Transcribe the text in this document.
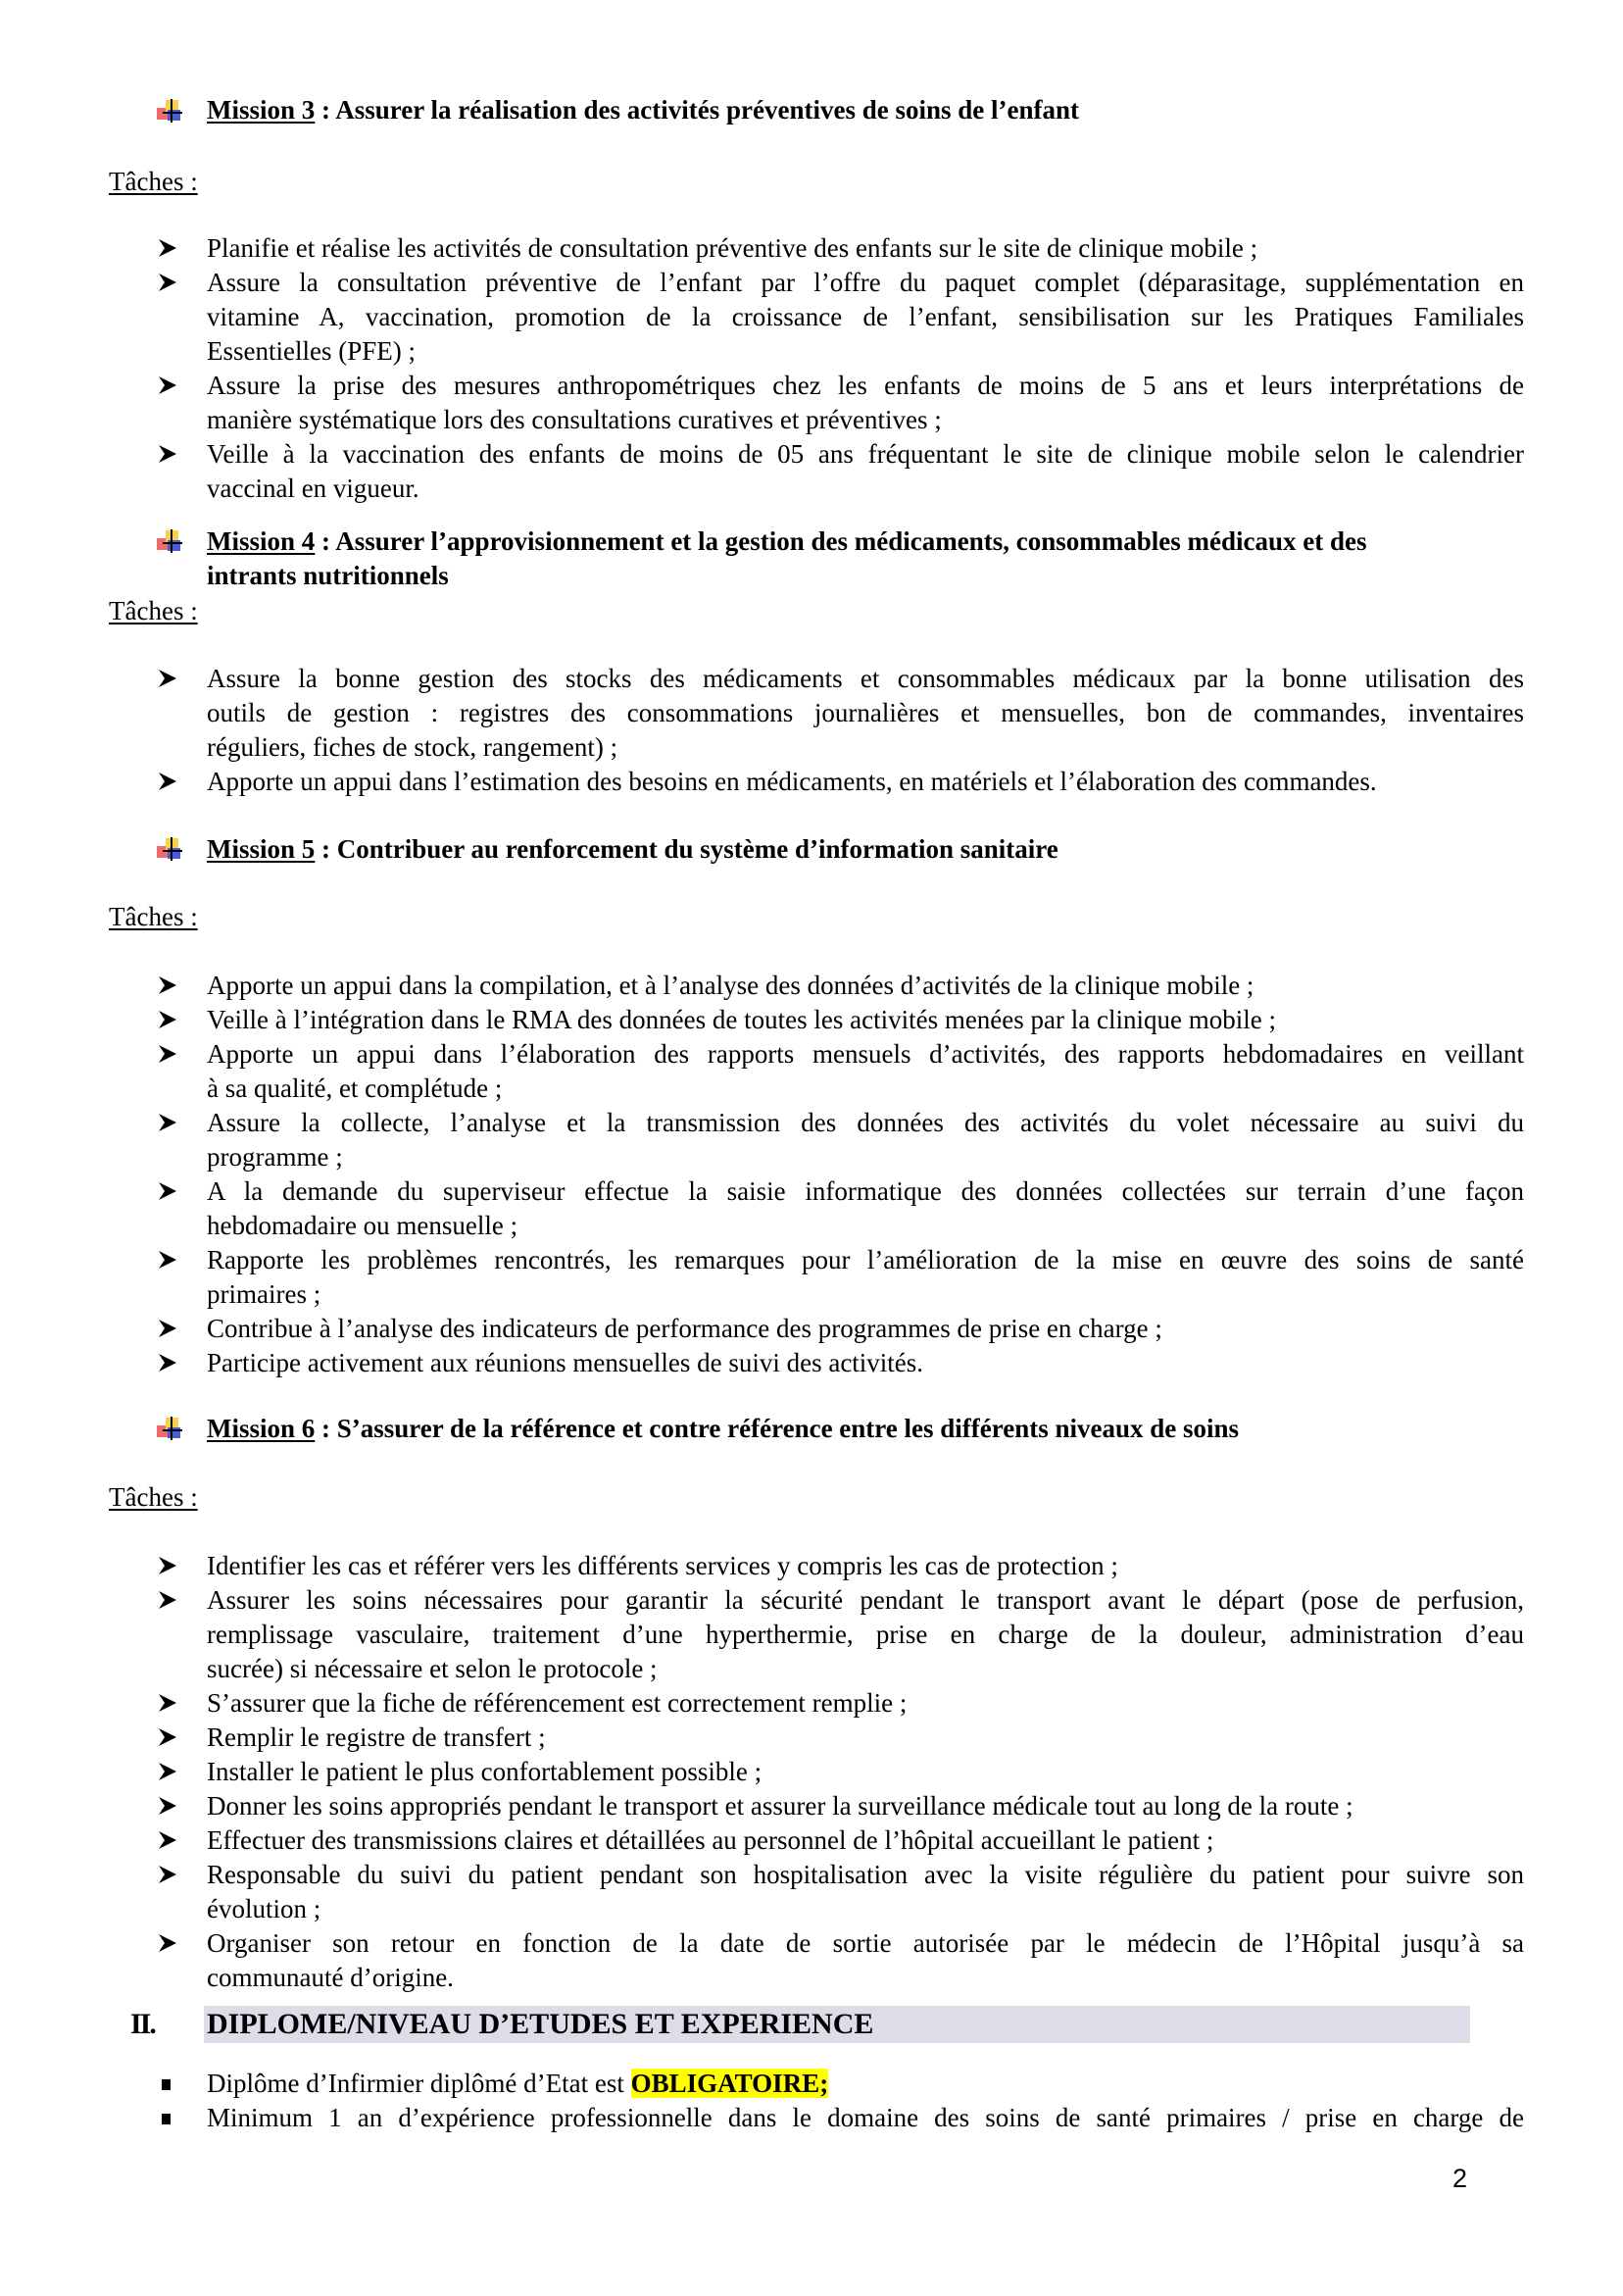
Mission 3 : Assurer la réalisation des activités préventives de soins de l’enfant
Tâches :
Planifie et réalise les activités de consultation préventive des enfants sur le site de clinique mobile ;
Assure la consultation préventive de l’enfant par l’offre du paquet complet (déparasitage, supplémentation en
vitamine A, vaccination, promotion de la croissance de l’enfant, sensibilisation sur les Pratiques Familiales
Essentielles (PFE) ;
Assure la prise des mesures anthropométriques chez les enfants de moins de 5 ans et leurs interprétations de
manière systématique lors des consultations curatives et préventives ;
Veille à la vaccination des enfants de moins de 05 ans fréquentant le site de clinique mobile selon le calendrier
vaccinal en vigueur.
Mission 4 : Assurer l’approvisionnement et la gestion des médicaments, consommables médicaux et des
intrants nutritionnels
Tâches :
Assure la bonne gestion des stocks des médicaments et consommables médicaux par la bonne utilisation des
outils de gestion : registres des consommations journalières et mensuelles, bon de commandes, inventaires
réguliers, fiches de stock, rangement) ;
Apporte un appui dans l’estimation des besoins en médicaments, en matériels et l’élaboration des commandes.
Mission 5 : Contribuer au renforcement du système d’information sanitaire
Tâches :
Apporte un appui dans la compilation, et à l’analyse des données d’activités de la clinique mobile ;
Veille à l’intégration dans le RMA des données de toutes les activités menées par la clinique mobile ;
Apporte un appui dans l’élaboration des rapports mensuels d’activités, des rapports hebdomadaires en veillant
à sa qualité, et complétude ;
Assure la collecte, l’analyse et la transmission des données des activités du volet nécessaire au suivi du
programme ;
A la demande du superviseur effectue la saisie informatique des données collectées sur terrain d’une façon
hebdomadaire ou mensuelle ;
Rapporte les problèmes rencontrés, les remarques pour l’amélioration de la mise en œuvre des soins de santé
primaires ;
Contribue à l’analyse des indicateurs de performance des programmes de prise en charge ;
Participe activement aux réunions mensuelles de suivi des activités.
Mission 6 : S’assurer de la référence et contre référence entre les différents niveaux de soins
Tâches :
Identifier les cas et référer vers les différents services y compris les cas de protection ;
Assurer les soins nécessaires pour garantir la sécurité pendant le transport avant le départ (pose de perfusion,
remplissage vasculaire, traitement d’une hyperthermie, prise en charge de la douleur, administration d’eau
sucrée) si nécessaire et selon le protocole ;
S’assurer que la fiche de référencement est correctement remplie ;
Remplir le registre de transfert ;
Installer le patient le plus confortablement possible ;
Donner les soins appropriés pendant le transport et assurer la surveillance médicale tout au long de la route ;
Effectuer des transmissions claires et détaillées au personnel de l’hôpital accueillant le patient ;
Responsable du suivi du patient pendant son hospitalisation avec la visite régulière du patient pour suivre son
évolution ;
Organiser son retour en fonction de la date de sortie autorisée par le médecin de l’Hôpital jusqu’à sa
communauté d’origine.
II. DIPLOME/NIVEAU D’ETUDES ET EXPERIENCE
Diplôme d’Infirmier diplômé d’Etat est OBLIGATOIRE;
Minimum 1 an d’expérience professionnelle dans le domaine des soins de santé primaires / prise en charge de
2
